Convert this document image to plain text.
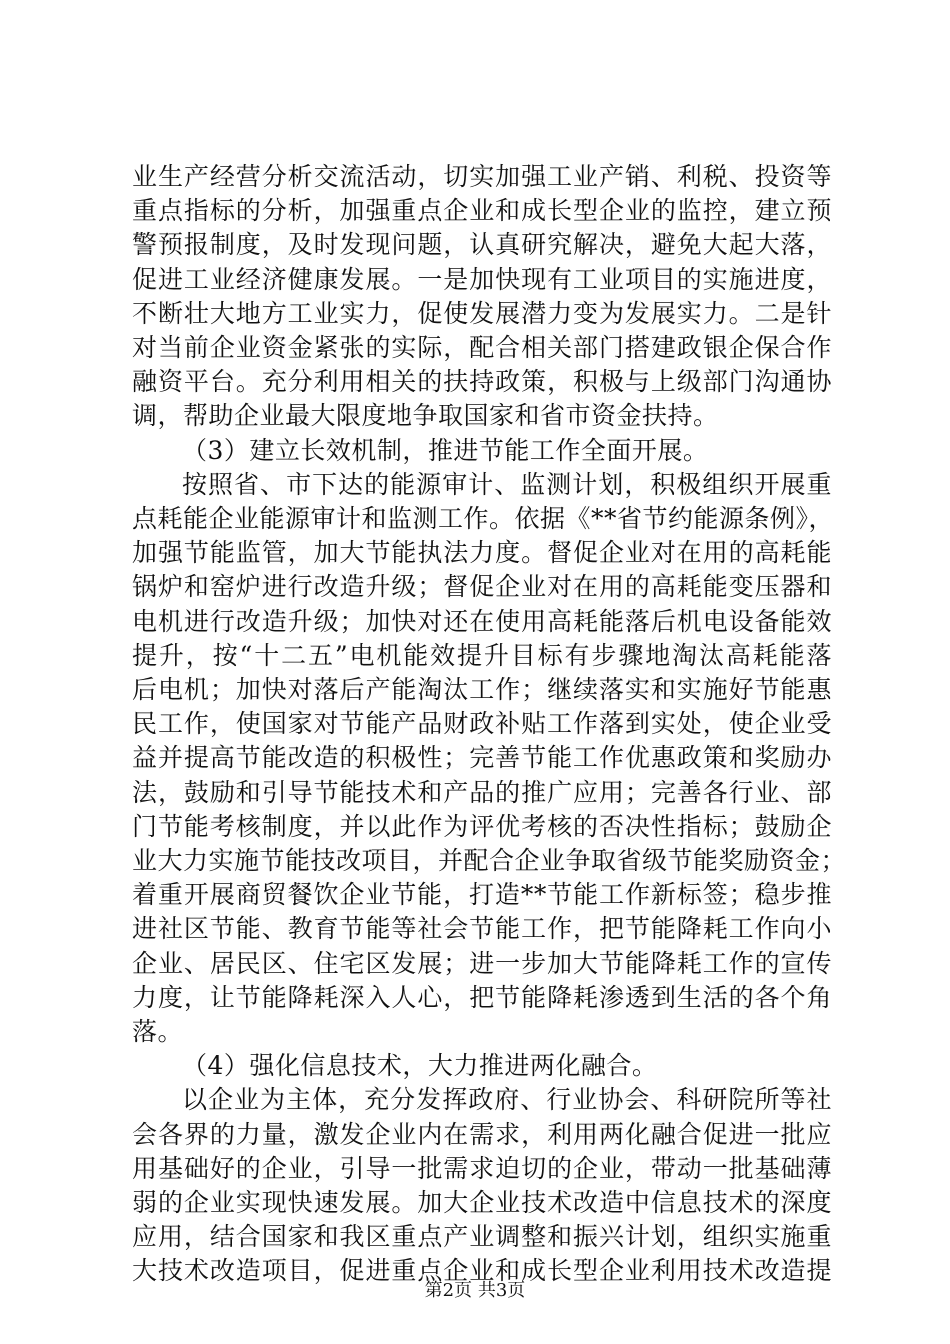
业生产经营分析交流活动，切实加强工业产销、利税、投资等
重点指标的分析，加强重点企业和成长型企业的监控，建立预
警预报制度，及时发现问题，认真研究解决，避免大起大落，
促进工业经济健康发展。一是加快现有工业项目的实施进度，
不断壮大地方工业实力，促使发展潜力变为发展实力。二是针
对当前企业资金紧张的实际，配合相关部门搭建政银企保合作
融资平台。充分利用相关的扶持政策，积极与上级部门沟通协
调，帮助企业最大限度地争取国家和省市资金扶持。
（3）建立长效机制，推进节能工作全面开展。
按照省、市下达的能源审计、监测计划，积极组织开展重
点耗能企业能源审计和监测工作。依据《**省节约能源条例》，
加强节能监管，加大节能执法力度。督促企业对在用的高耗能
锅炉和窑炉进行改造升级；督促企业对在用的高耗能变压器和
电机进行改造升级；加快对还在使用高耗能落后机电设备能效
提升，按“十二五”电机能效提升目标有步骤地淘汰高耗能落
后电机；加快对落后产能淘汰工作；继续落实和实施好节能惠
民工作，使国家对节能产品财政补贴工作落到实处，使企业受
益并提高节能改造的积极性；完善节能工作优惠政策和奖励办
法，鼓励和引导节能技术和产品的推广应用；完善各行业、部
门节能考核制度，并以此作为评优考核的否决性指标；鼓励企
业大力实施节能技改项目，并配合企业争取省级节能奖励资金；
着重开展商贸餐饮企业节能，打造**节能工作新标签；稳步推
进社区节能、教育节能等社会节能工作，把节能降耗工作向小
企业、居民区、住宅区发展；进一步加大节能降耗工作的宣传
力度，让节能降耗深入人心，把节能降耗渗透到生活的各个角
落。
（4）强化信息技术，大力推进两化融合。
以企业为主体，充分发挥政府、行业协会、科研院所等社
会各界的力量，激发企业内在需求，利用两化融合促进一批应
用基础好的企业，引导一批需求迫切的企业，带动一批基础薄
弱的企业实现快速发展。加大企业技术改造中信息技术的深度
应用，结合国家和我区重点产业调整和振兴计划，组织实施重
大技术改造项目，促进重点企业和成长型企业利用技术改造提
第2页 共3页
